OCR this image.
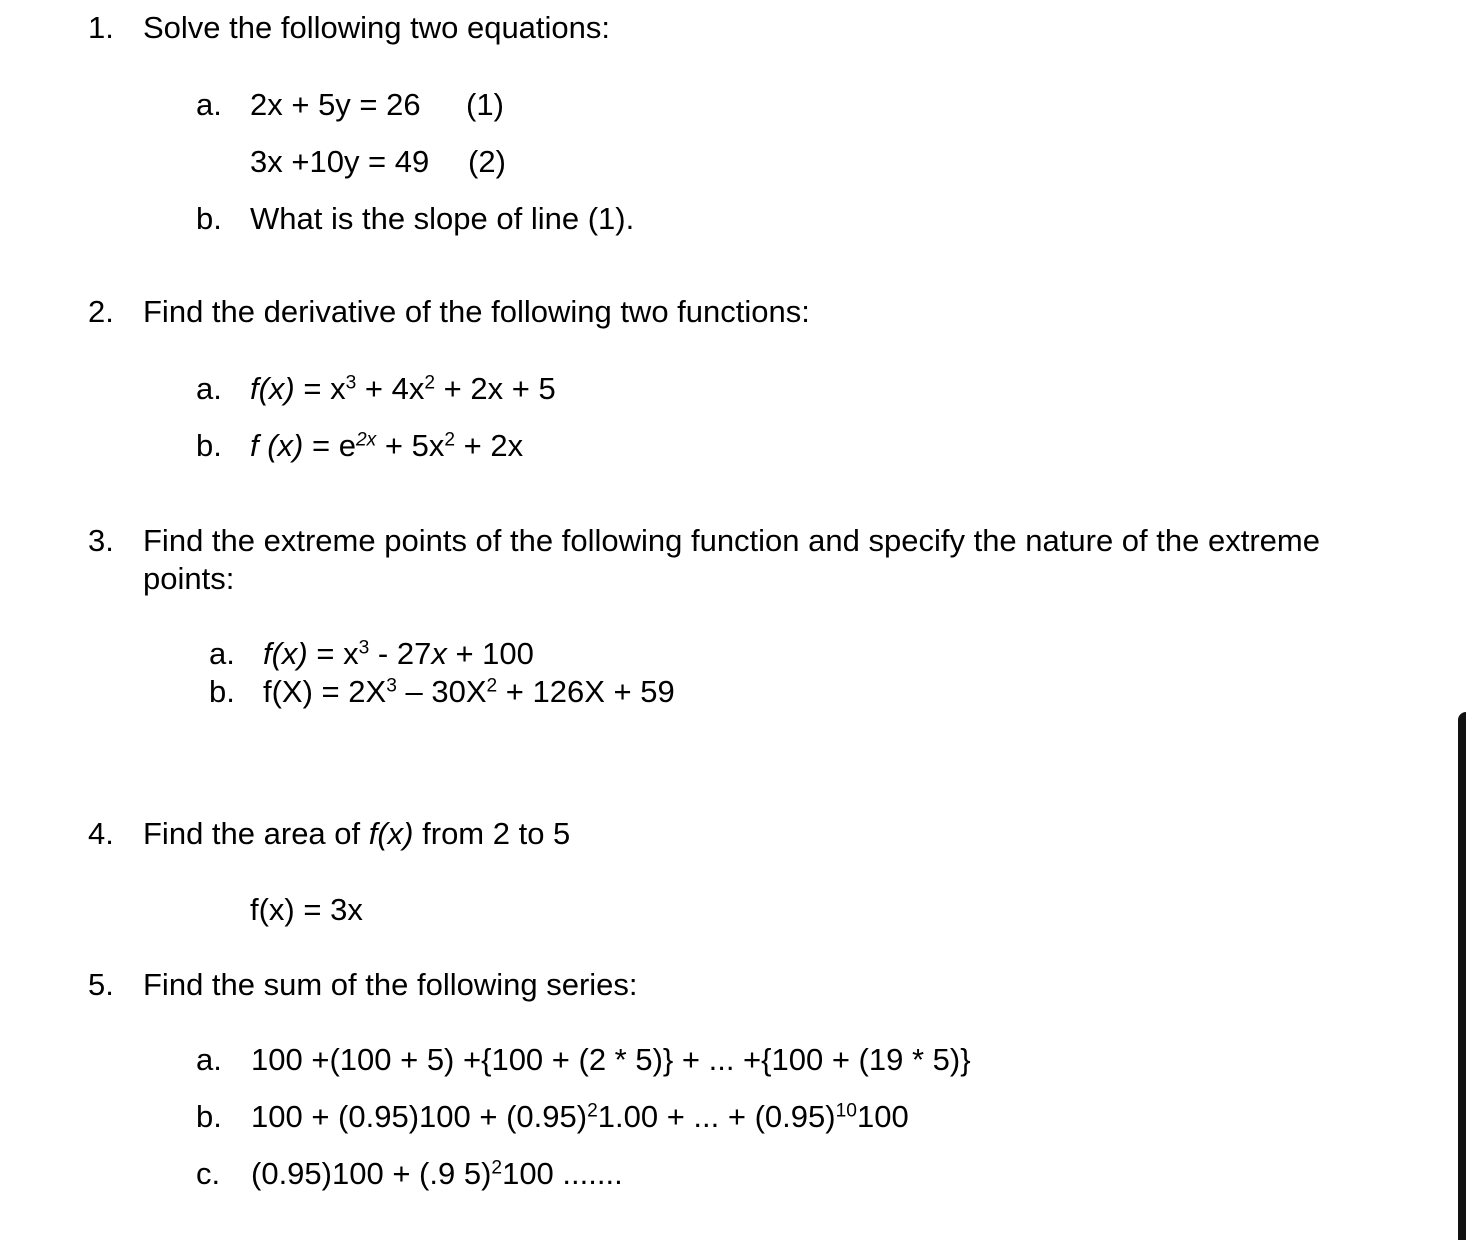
1. Solve the following two equations:
a. 2x + 5y = 26 (1)
3x +10y = 49 (2)
b. What is the slope of line (1).
2. Find the derivative of the following two functions:
a. $f(x) = x^3 + 4x^2 + 2x + 5$
b. f $(x) = e^{2x} + 5x^2 + 2x$
3. Find the extreme points of the following function and specify the nature of the extreme
points:
a. $f(x) = x^3 - 27x + 100$
b. $f(X) = 2X^3 - 30X^2 + 126X + 59$
4. Find the area of f(x) from 2 to 5
f(x) = 3x
5. Find the sum of the following series:
a. 100 +(100 + 5) +{100 + (2 * 5)} + ... +{100 + (19 * 5)}
b. $100 + (0.95)100 + (0.95)^21.00$ + ... + $(0.95)^{10}100$
c. (0.95)100 + (.9 5)$^2$100 .......
